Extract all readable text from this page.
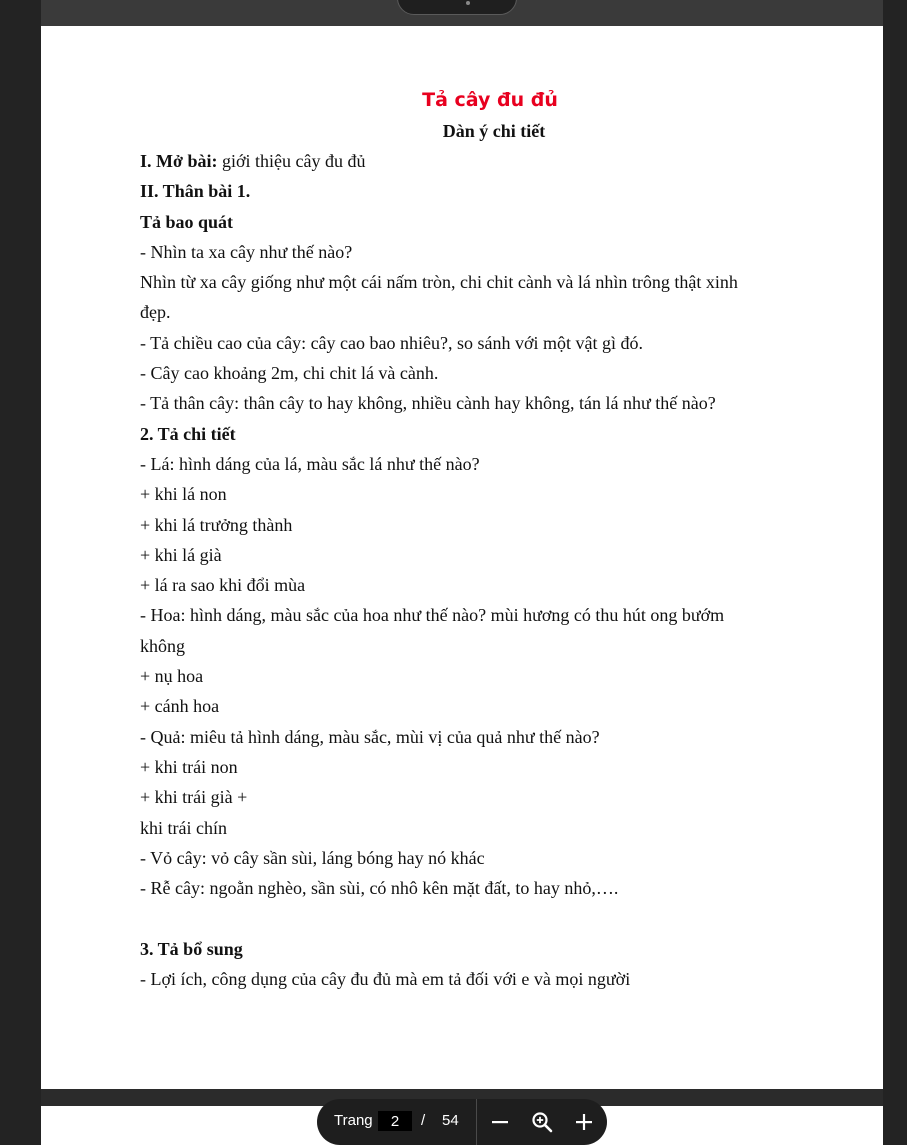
Tả cây đu đủ
Dàn ý chi tiết
I. Mở bài: giới thiệu cây đu đủ
II. Thân bài 1.
Tả bao quát
- Nhìn ta xa cây như thế nào?
Nhìn từ xa cây giống như một cái nấm tròn, chi chit cành và lá nhìn trông thật xinh
đẹp.
- Tả chiều cao của cây: cây cao bao nhiêu?, so sánh với một vật gì đó.
- Cây cao khoảng 2m, chi chit lá và cành.
- Tả thân cây: thân cây to hay không, nhiều cành hay không, tán lá như thế nào?
2. Tả chi tiết
- Lá: hình dáng của lá, màu sắc lá như thế nào?
+ khi lá non
+ khi lá trưởng thành
+ khi lá già
+ lá ra sao khi đổi mùa
- Hoa: hình dáng, màu sắc của hoa như thế nào? mùi hương có thu hút ong bướm
không
+ nụ hoa
+ cánh hoa
- Quả: miêu tả hình dáng, màu sắc, mùi vị của quả như thế nào?
+ khi trái non
+ khi trái già +
khi trái chín
- Vỏ cây: vỏ cây sần sùi, láng bóng hay nó khác
- Rễ cây: ngoằn nghèo, sần sùi, có nhô kên mặt đất, to hay nhỏ,….
3. Tả bổ sung
- Lợi ích, công dụng của cây đu đủ mà em tả đối với e và mọi người
Trang
2	/ 54
